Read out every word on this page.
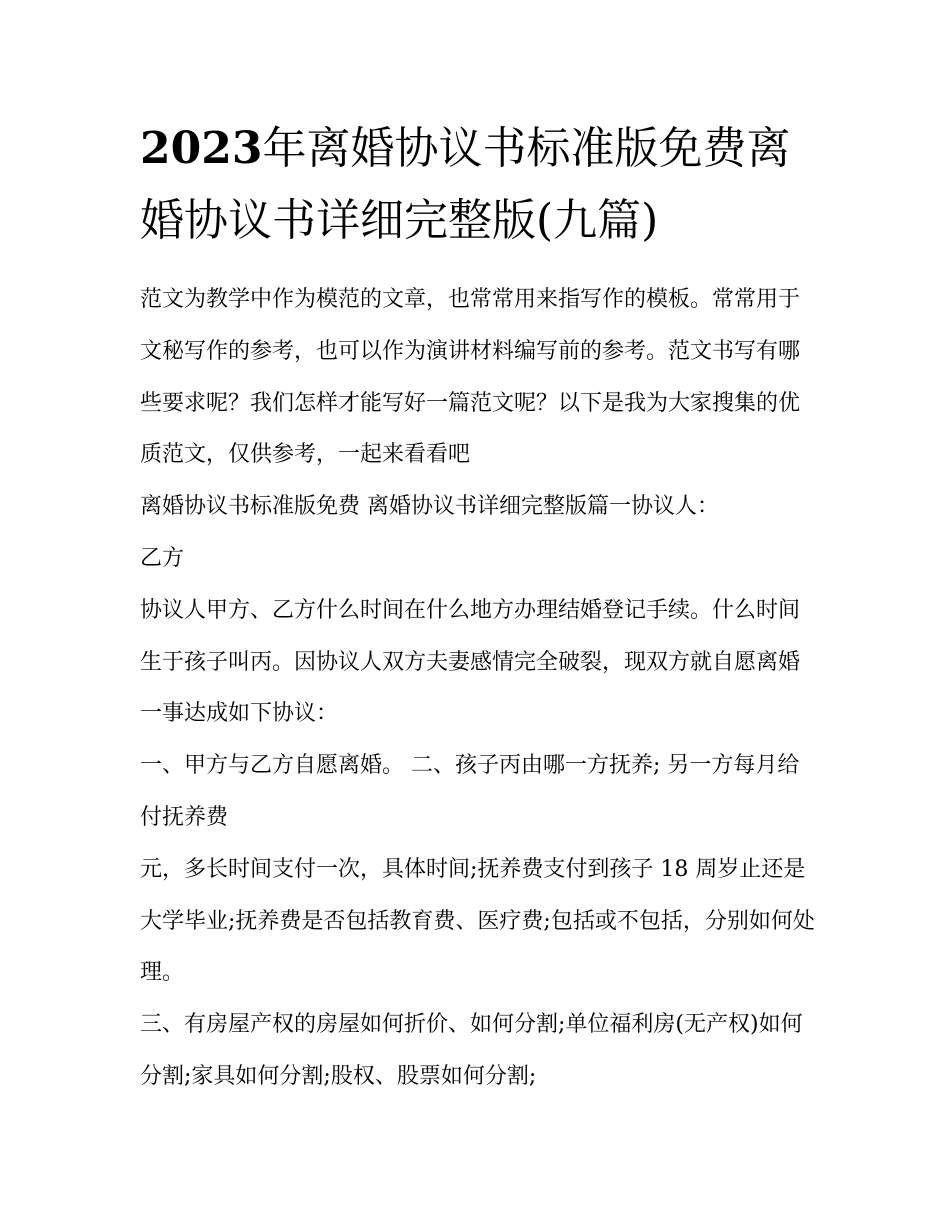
2023年离婚协议书标准版免费离婚协议书详细完整版(九篇)

范文为教学中作为模范的文章，也常常用来指写作的模板。常常用于文秘写作的参考，也可以作为演讲材料编写前的参考。范文书写有哪些要求呢？我们怎样才能写好一篇范文呢？以下是我为大家搜集的优质范文，仅供参考，一起来看看吧

离婚协议书标准版免费 离婚协议书详细完整版篇一协议人：

乙方

协议人甲方、乙方什么时间在什么地方办理结婚登记手续。什么时间生于孩子叫丙。因协议人双方夫妻感情完全破裂，现双方就自愿离婚一事达成如下协议：

一、甲方与乙方自愿离婚。 二、孩子丙由哪一方抚养; 另一方每月给付抚养费

元，多长时间支付一次，具体时间;抚养费支付到孩子 18 周岁止还是大学毕业;抚养费是否包括教育费、医疗费;包括或不包括，分别如何处理。

三、有房屋产权的房屋如何折价、如何分割;单位福利房(无产权)如何分割;家具如何分割;股权、股票如何分割;
